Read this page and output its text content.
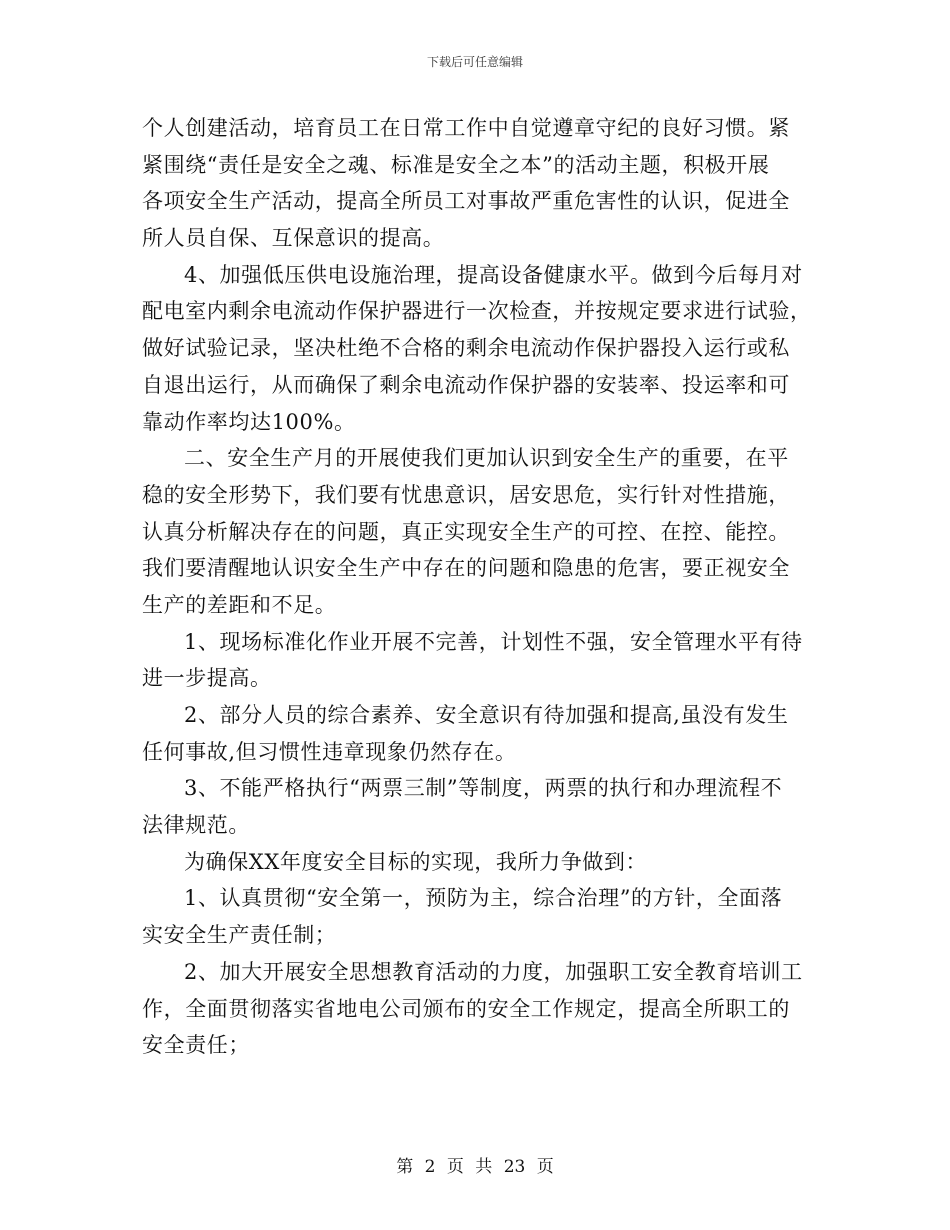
下载后可任意编辑
个人创建活动，培育员工在日常工作中自觉遵章守纪的良好习惯。紧
紧围绕“责任是安全之魂、标准是安全之本”的活动主题，积极开展
各项安全生产活动，提高全所员工对事故严重危害性的认识，促进全
所人员自保、互保意识的提高。
4、加强低压供电设施治理，提高设备健康水平。做到今后每月对
配电室内剩余电流动作保护器进行一次检查，并按规定要求进行试验，
做好试验记录，坚决杜绝不合格的剩余电流动作保护器投入运行或私
自退出运行，从而确保了剩余电流动作保护器的安装率、投运率和可
靠动作率均达100%。
二、安全生产月的开展使我们更加认识到安全生产的重要，在平
稳的安全形势下，我们要有忧患意识，居安思危，实行针对性措施，
认真分析解决存在的问题，真正实现安全生产的可控、在控、能控。
我们要清醒地认识安全生产中存在的问题和隐患的危害，要正视安全
生产的差距和不足。
1、现场标准化作业开展不完善，计划性不强，安全管理水平有待
进一步提高。
2、部分人员的综合素养、安全意识有待加强和提高,虽没有发生
任何事故,但习惯性违章现象仍然存在。
3、不能严格执行“两票三制”等制度，两票的执行和办理流程不
法律规范。
为确保XX年度安全目标的实现，我所力争做到：
1、认真贯彻“安全第一，预防为主，综合治理”的方针，全面落
实安全生产责任制；
2、加大开展安全思想教育活动的力度，加强职工安全教育培训工
作，全面贯彻落实省地电公司颁布的安全工作规定，提高全所职工的
安全责任；
第 2 页 共 23 页
